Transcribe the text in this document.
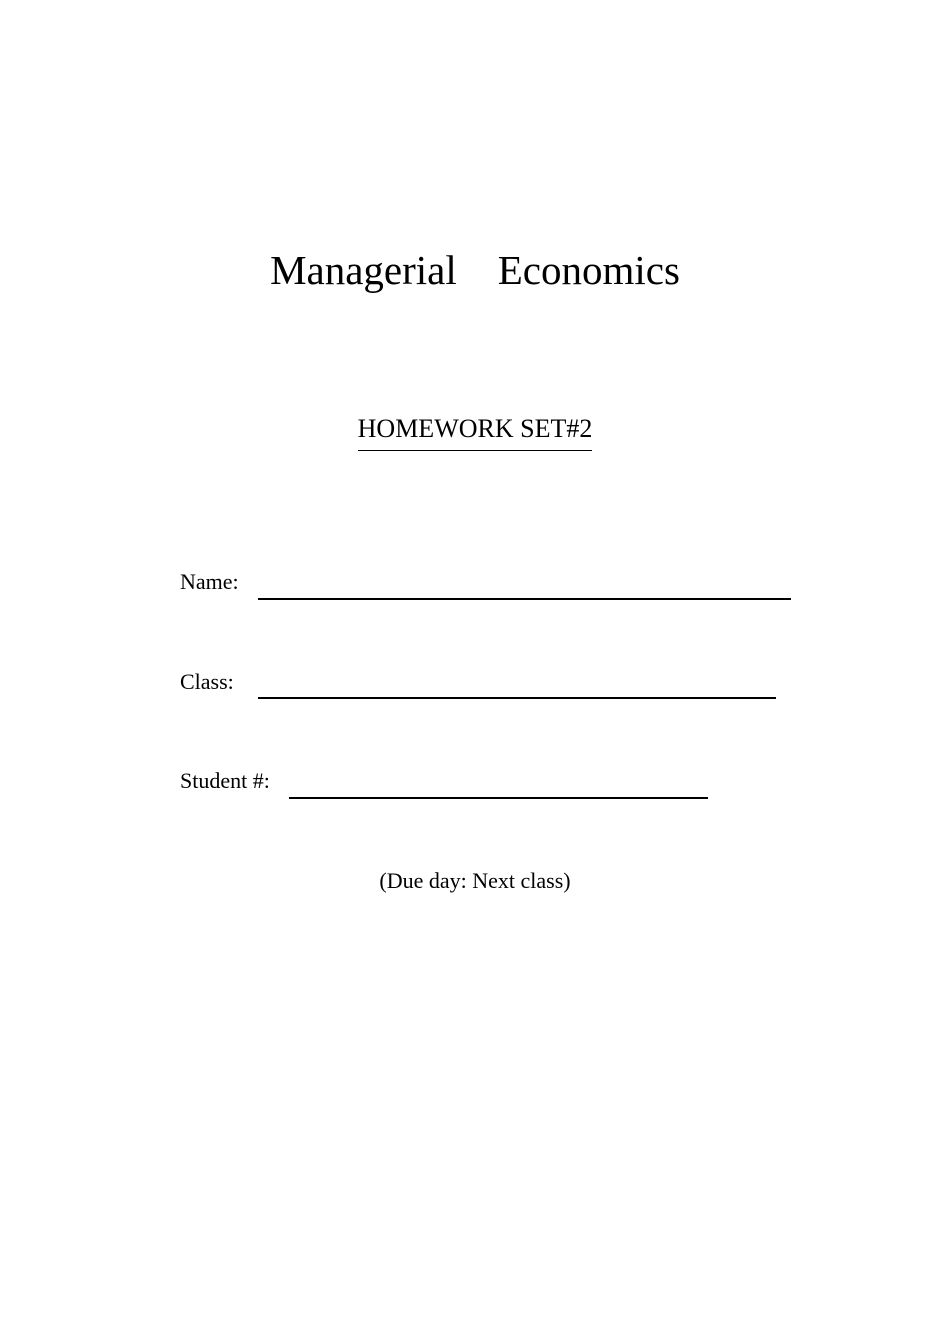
Managerial    Economics
HOMEWORK SET#2
Name:
Class:
Student #:
(Due day: Next class)
